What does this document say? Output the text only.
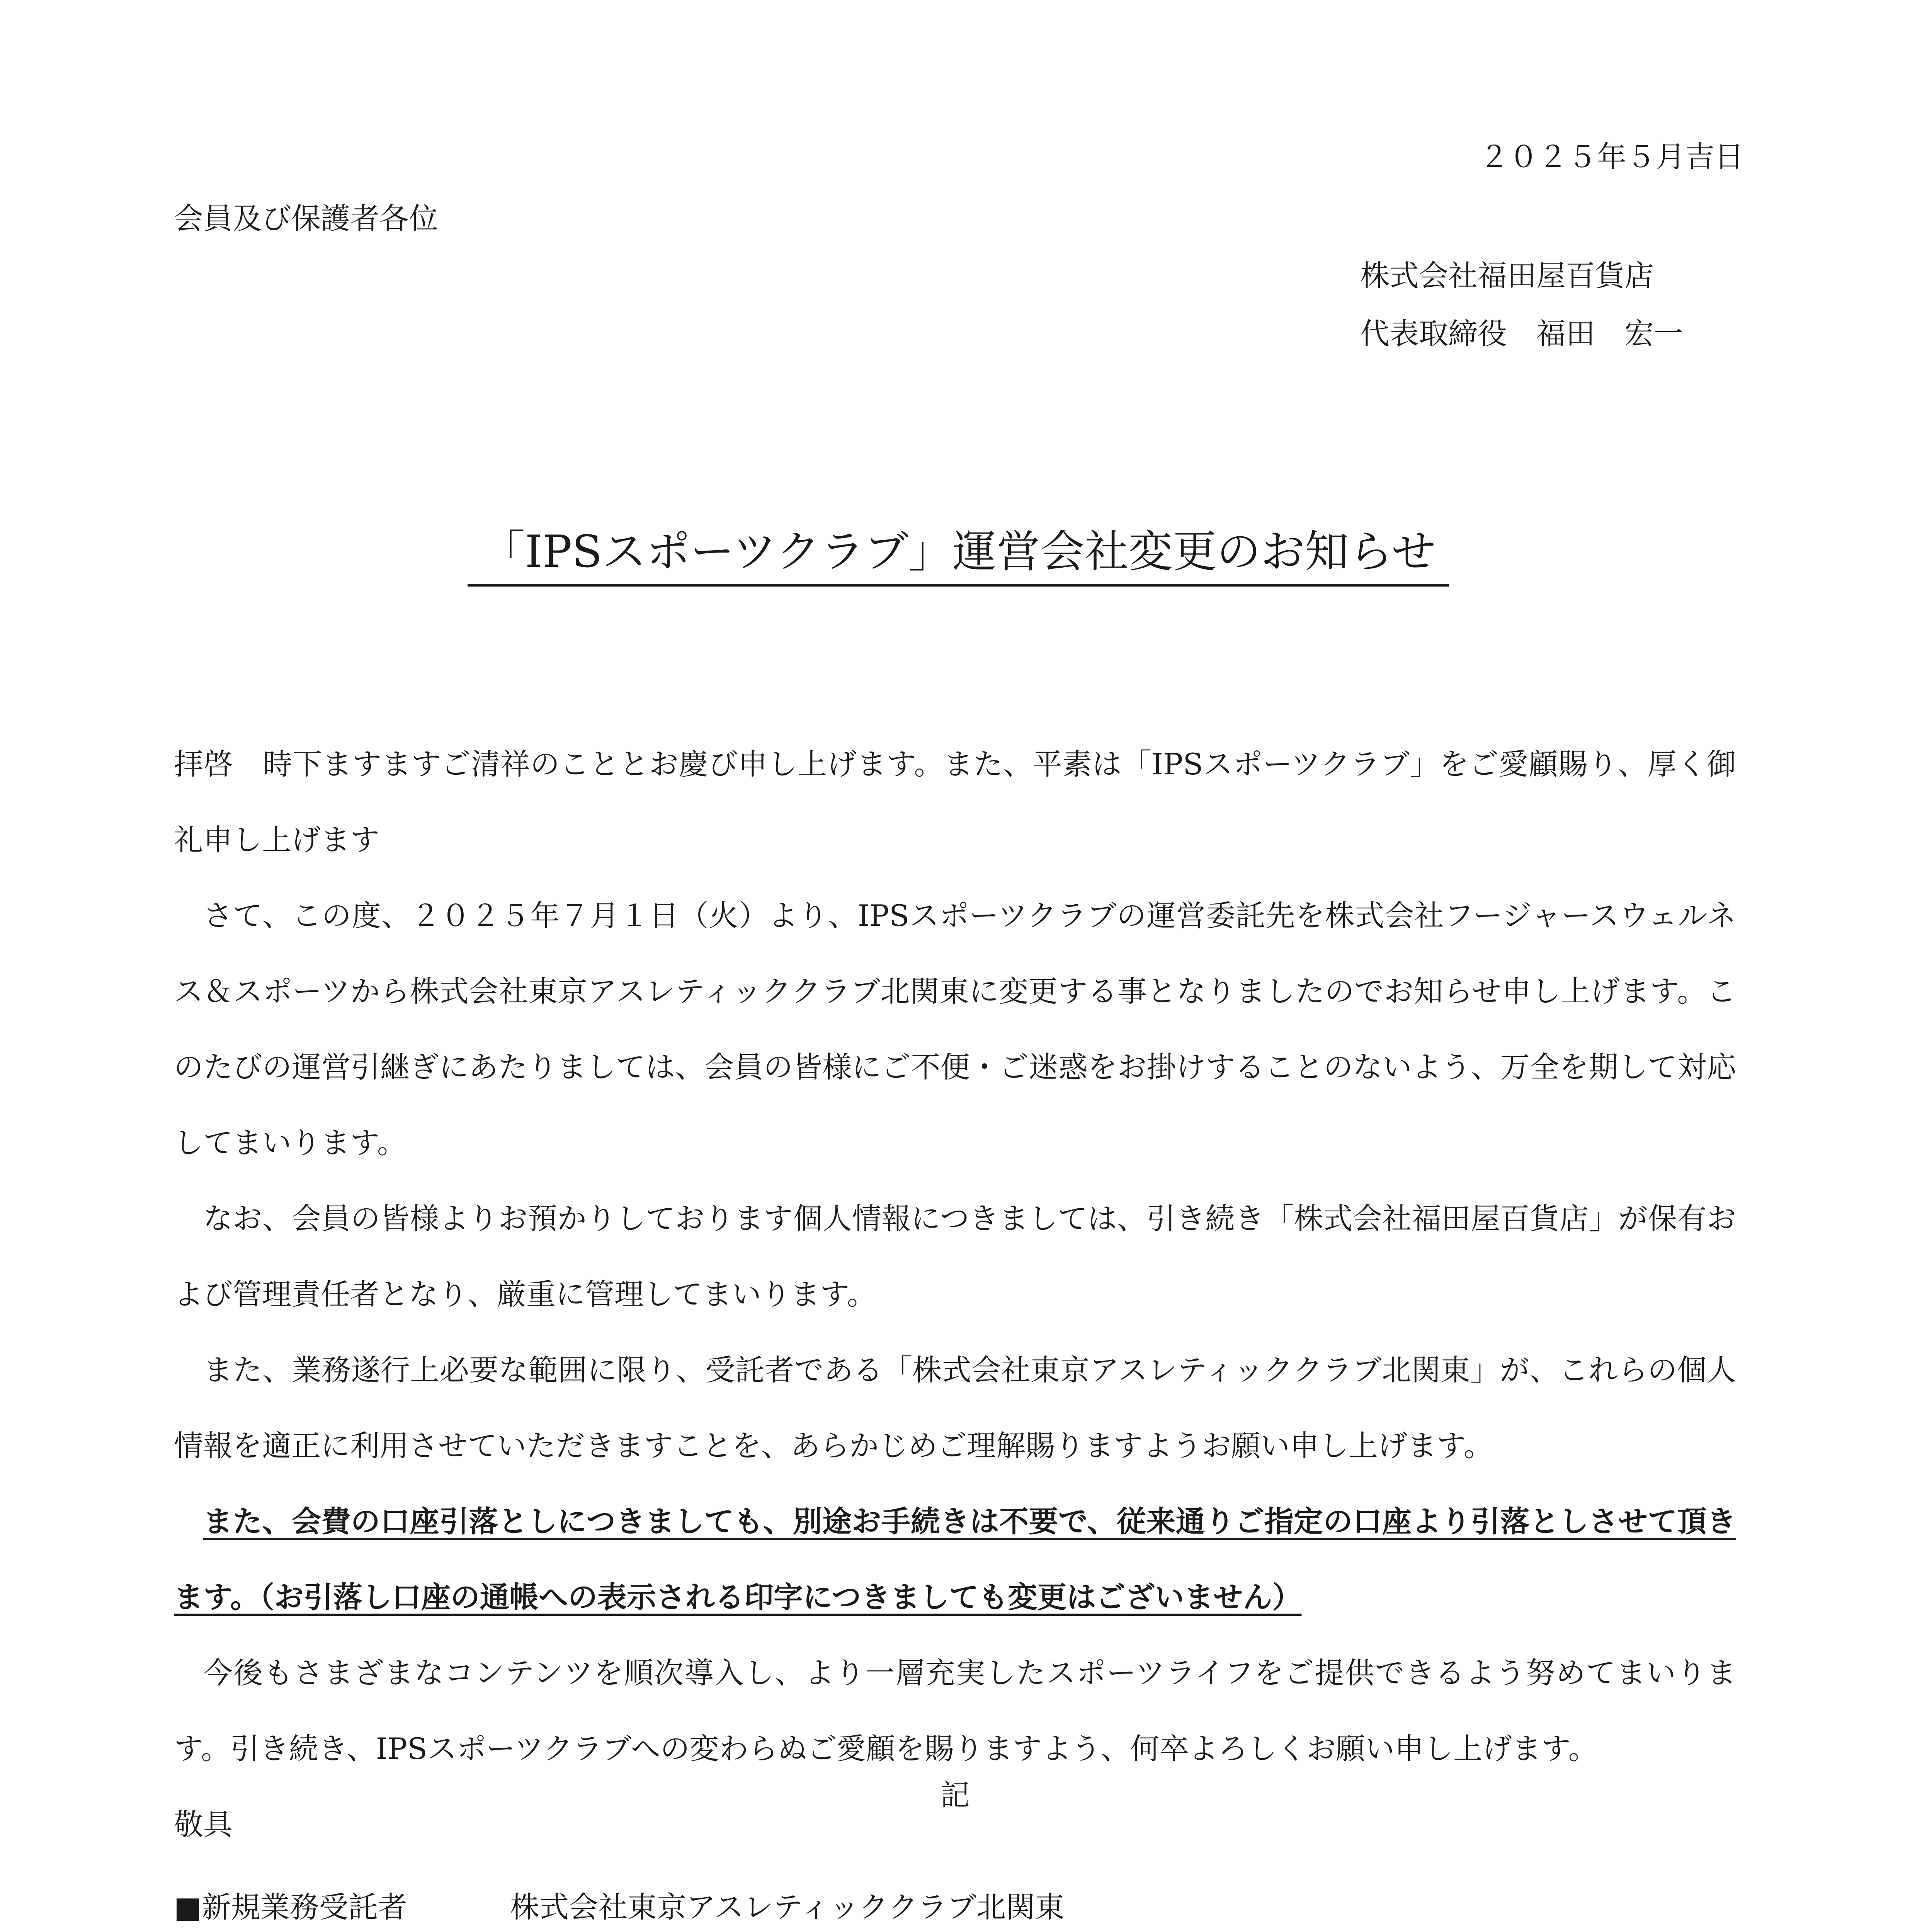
２０２５年５月吉日
会員及び保護者各位
株式会社福田屋百貨店
代表取締役　福田　宏一
「IPSスポーツクラブ」運営会社変更のお知らせ

拝啓　時下ますますご清祥のこととお慶び申し上げます。また、平素は「IPSスポーツクラブ」をご愛顧賜り、厚く御礼申し上げます

さて、この度、２０２５年７月１日（火）より、IPSスポーツクラブの運営委託先を株式会社フージャースウェルネス＆スポーツから株式会社東京アスレティッククラブ北関東に変更する事となりましたのでお知らせ申し上げます。このたびの運営引継ぎにあたりましては、会員の皆様にご不便・ご迷惑をお掛けすることのないよう、万全を期して対応してまいります。

なお、会員の皆様よりお預かりしております個人情報につきましては、引き続き「株式会社福田屋百貨店」が保有および管理責任者となり、厳重に管理してまいります。

また、業務遂行上必要な範囲に限り、受託者である「株式会社東京アスレティッククラブ北関東」が、これらの個人情報を適正に利用させていただきますことを、あらかじめご理解賜りますようお願い申し上げます。

また、会費の口座引落としにつきましても、別途お手続きは不要で、従来通りご指定の口座より引落としさせて頂きます。（お引落し口座の通帳への表示される印字につきましても変更はございません）

今後もさまざまなコンテンツを順次導入し、より一層充実したスポーツライフをご提供できるよう努めてまいります。引き続き、IPSスポーツクラブへの変わらぬご愛顧を賜りますよう、何卒よろしくお願い申し上げます。

敬具

記
■新規業務受託者	株式会社東京アスレティッククラブ北関東
